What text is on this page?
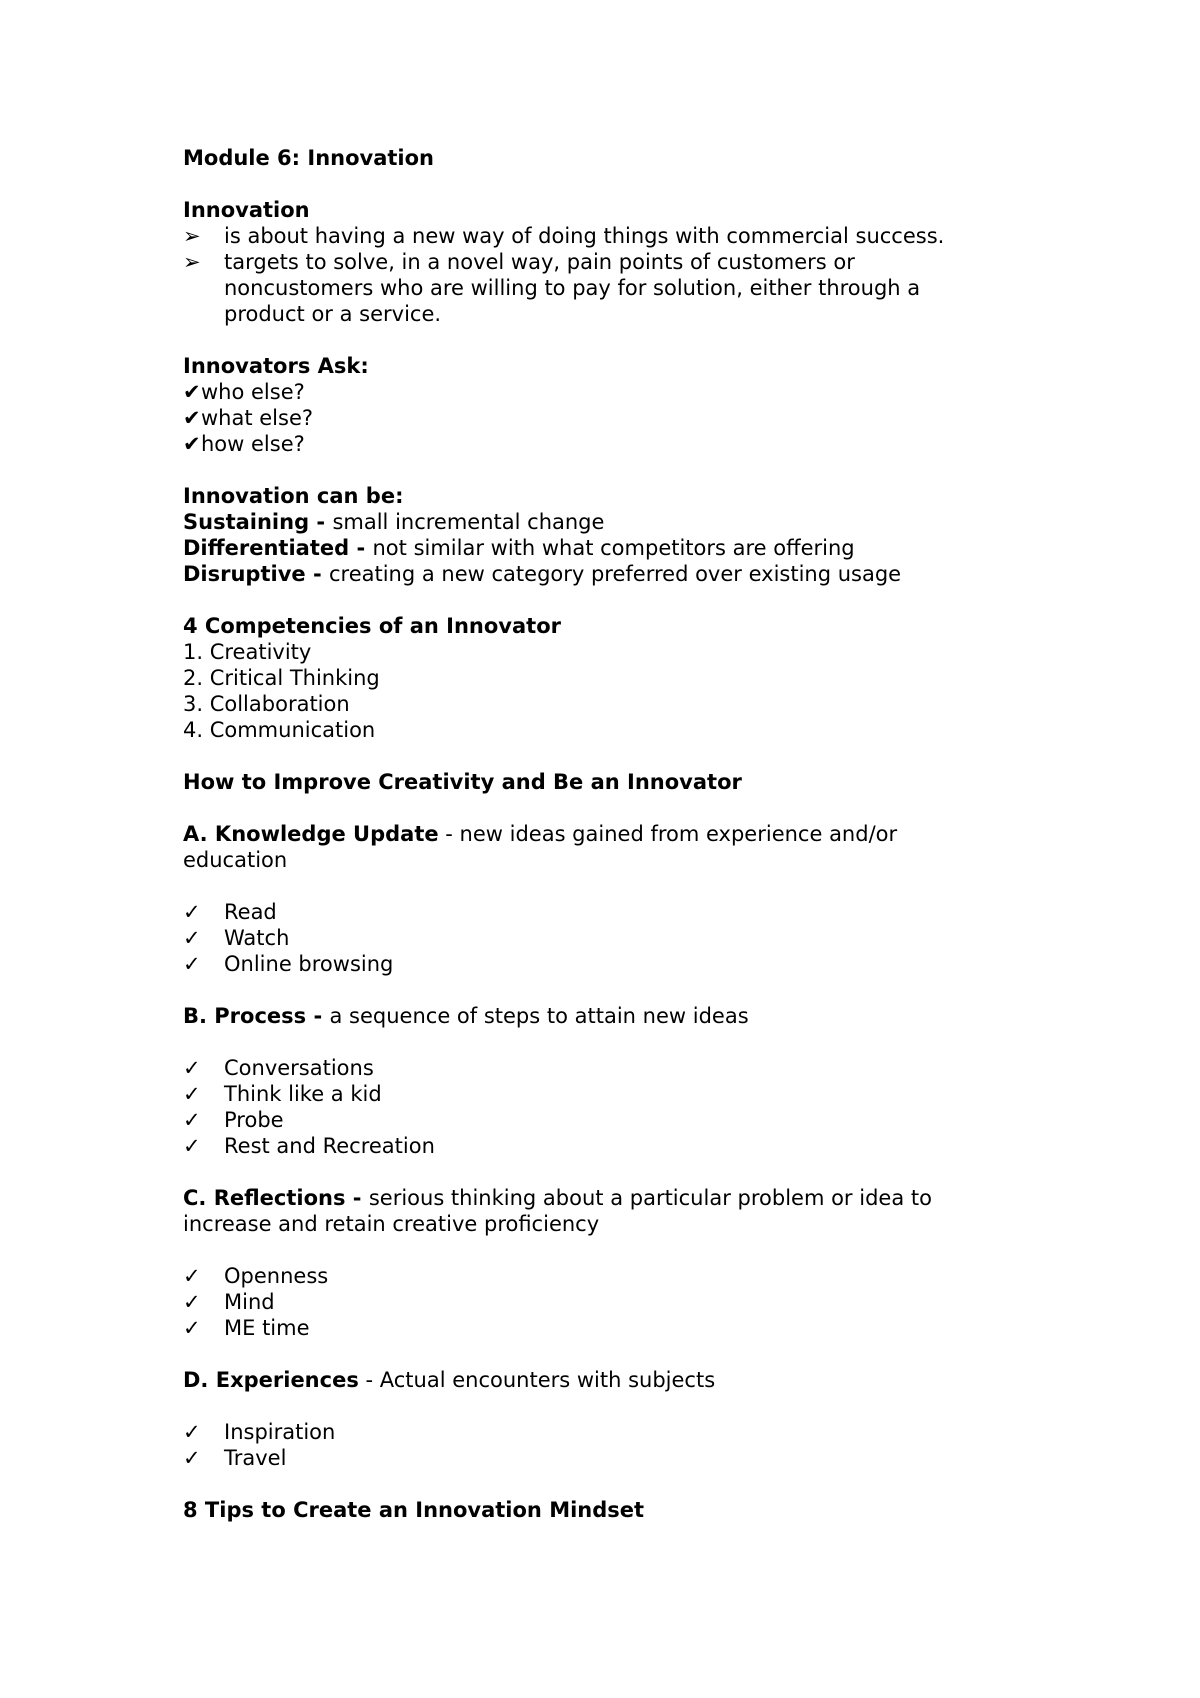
Module 6: Innovation
Innovation
➢ is about having a new way of doing things with commercial success.
➢ targets to solve, in a novel way, pain points of customers or noncustomers who are willing to pay for solution, either through a product or a service.
Innovators Ask:
✔who else?
✔what else?
✔how else?
Innovation can be:
Sustaining - small incremental change
Differentiated - not similar with what competitors are offering
Disruptive - creating a new category preferred over existing usage
4 Competencies of an Innovator
1. Creativity
2. Critical Thinking
3. Collaboration
4. Communication
How to Improve Creativity and Be an Innovator
A. Knowledge Update - new ideas gained from experience and/or education
✓ Read
✓ Watch
✓ Online browsing
B. Process - a sequence of steps to attain new ideas
✓ Conversations
✓ Think like a kid
✓ Probe
✓ Rest and Recreation
C. Reflections - serious thinking about a particular problem or idea to increase and retain creative proficiency
✓ Openness
✓ Mind
✓ ME time
D. Experiences - Actual encounters with subjects
✓ Inspiration
✓ Travel
8 Tips to Create an Innovation Mindset
